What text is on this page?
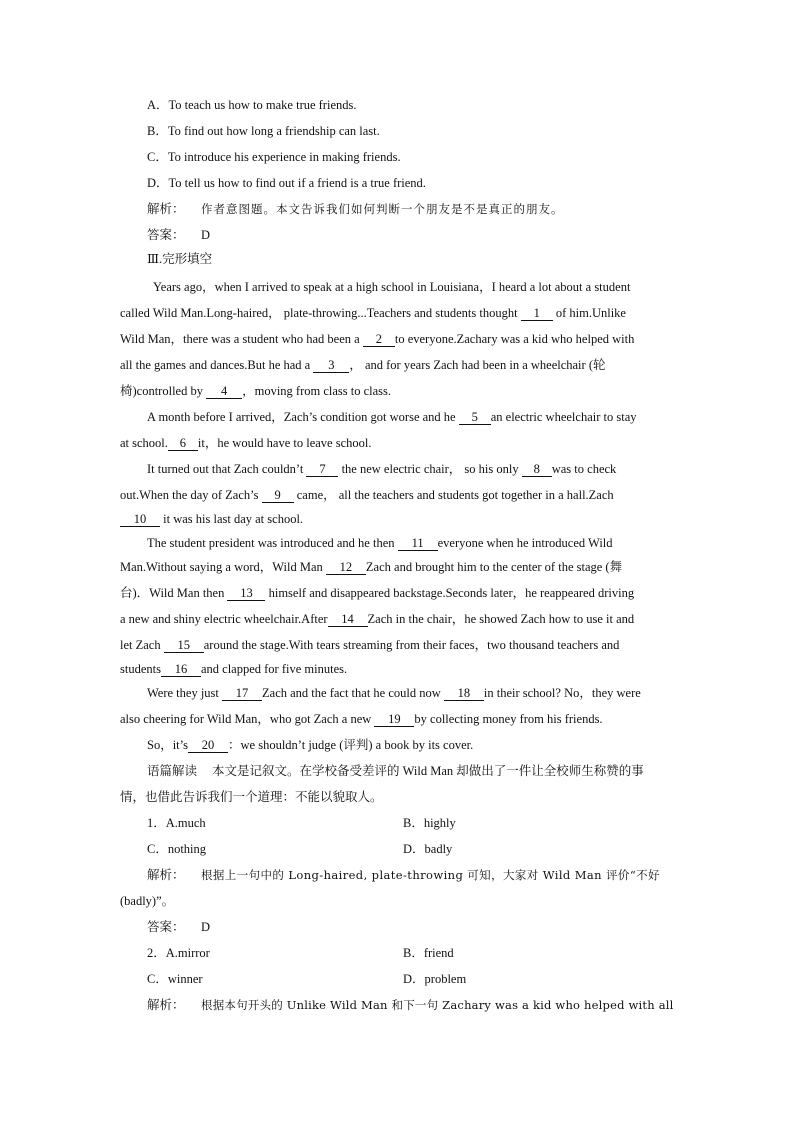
A．To teach us how to make true friends.
B．To find out how long a friendship can last.
C．To introduce his experience in making friends.
D．To tell us how to find out if a friend is a true friend.
解析： 作者意图题。本文告诉我们如何判断一个朋友是不是真正的朋友。
答案： D
Ⅲ.完形填空
Years ago，when I arrived to speak at a high school in Louisiana，I heard a lot about a student
called Wild Man.Long-haired， plate-throwing...Teachers and students thought 1 of him.Unlike
Wild Man，there was a student who had been a 2 to everyone.Zachary was a kid who helped with
all the games and dances.But he had a 3 ， and for years Zach had been in a wheelchair (轮
椅)controlled by 4 ，moving from class to class.
A month before I arrived，Zach’s condition got worse and he 5 an electric wheelchair to stay
at school. 6 it，he would have to leave school.
It turned out that Zach couldn’t 7 the new electric chair， so his only 8 was to check
out.When the day of Zach’s 9 came， all the teachers and students got together in a hall.Zach
10 it was his last day at school.
The student president was introduced and he then 11 everyone when he introduced Wild
Man.Without saying a word，Wild Man 12 Zach and brought him to the center of the stage (舞
台)．Wild Man then 13 himself and disappeared backstage.Seconds later，he reappeared driving
a new and shiny electric wheelchair.After 14 Zach in the chair，he showed Zach how to use it and
let Zach 15 around the stage.With tears streaming from their faces，two thousand teachers and
students 16 and clapped for five minutes.
Were they just 17 Zach and the fact that he could now 18 in their school? No，they were
also cheering for Wild Man，who got Zach a new 19 by collecting money from his friends.
So，it’s 20 ：we shouldn’t judge (评判) a book by its cover.
语篇解读 本文是记叙文。在学校备受差评的 Wild Man 却做出了一件让全校师生称赞的事
情，也借此告诉我们一个道理：不能以貌取人。
1．A.much	B．highly
C．nothing	D．badly
解析： 根据上一句中的 Long-haired, plate-throwing 可知，大家对 Wild Man 评价“不好
(badly)”。
答案： D
2．A.mirror	B．friend
C．winner	D．problem
解析： 根据本句开头的 Unlike Wild Man 和下一句 Zachary was a kid who helped with all
